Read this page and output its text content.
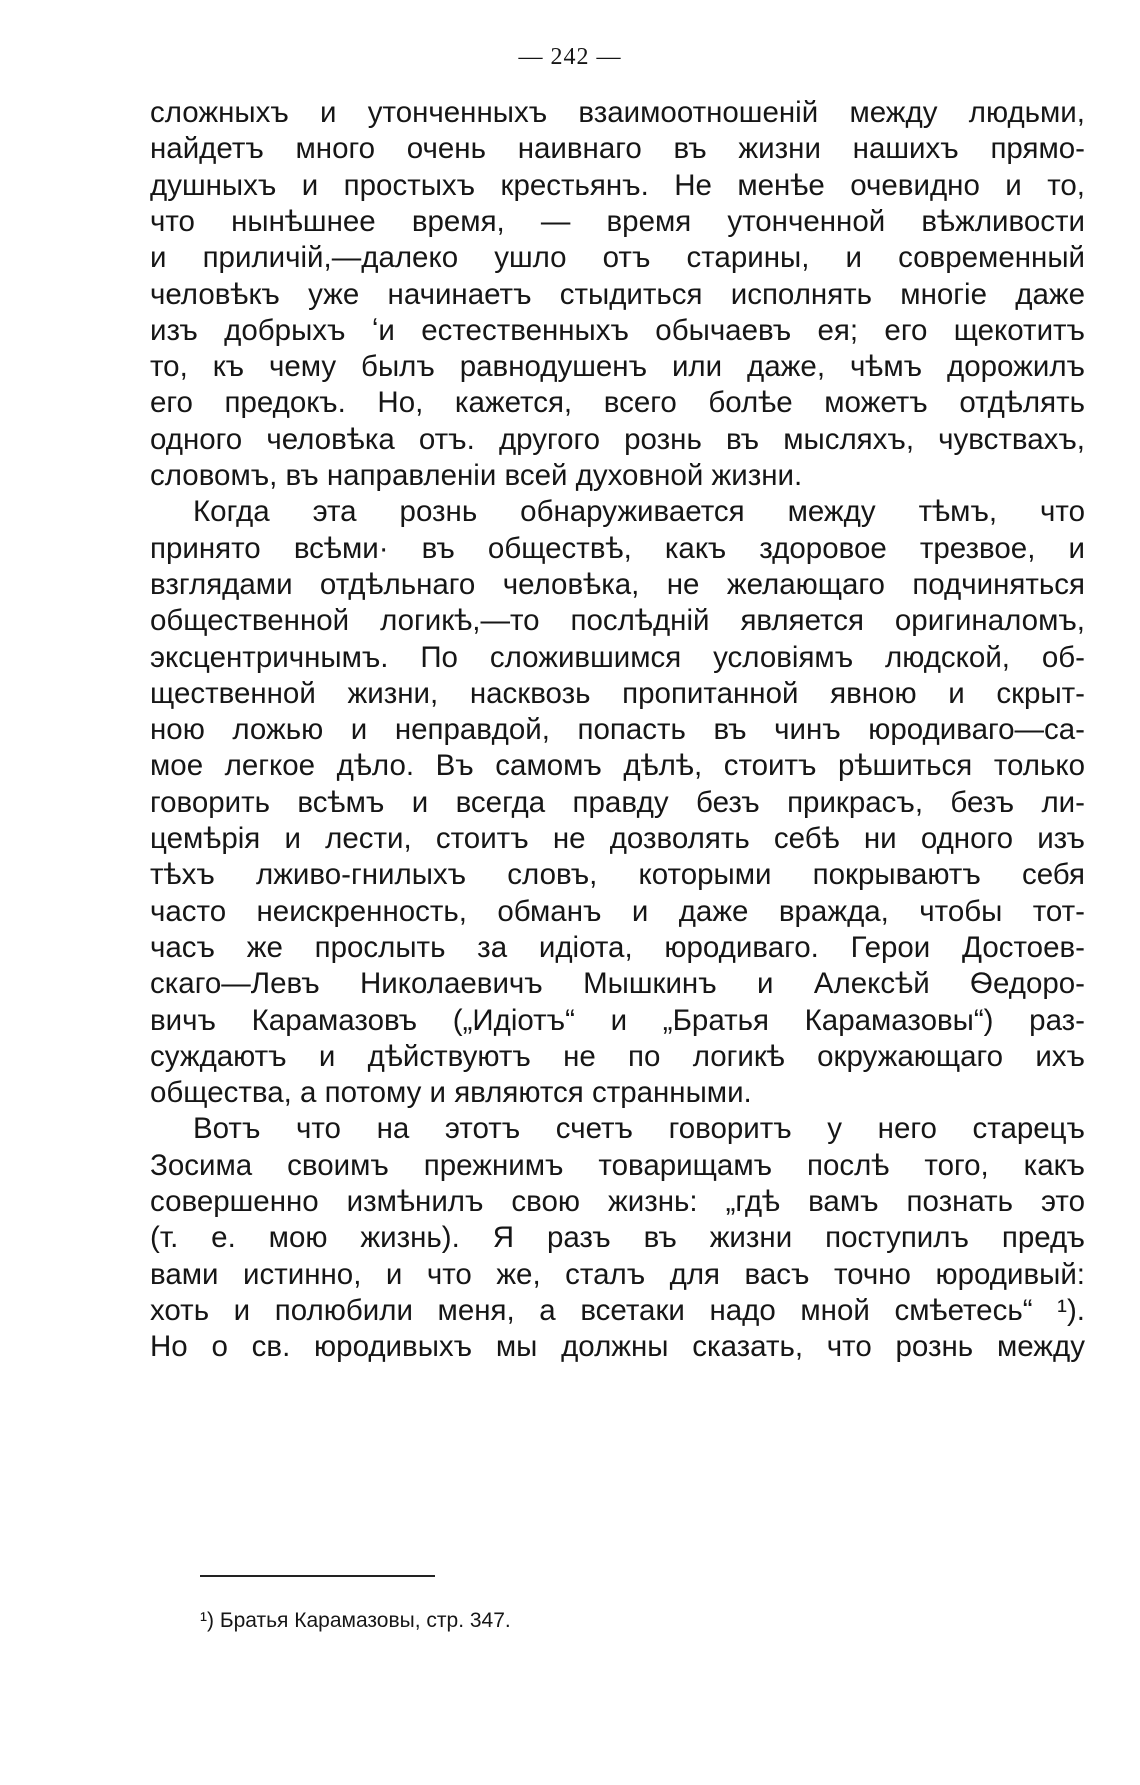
— 242 —
сложныхъ и утонченныхъ взаимоотношенiй между людьми,
найдетъ много очень наивнаго въ жизни нашихъ прямо-
душныхъ и простыхъ крестьянъ. Не менѣе очевидно и то,
что нынѣшнее время, — время утонченной вѣжливости
и приличiй,—далеко ушло отъ старины, и современный
человѣкъ уже начинаетъ стыдиться исполнять многiе даже
изъ добрыхъ ʻи естественныхъ обычаевъ ея; его щекотитъ
то, къ чему былъ равнодушенъ или даже, чѣмъ дорожилъ
его предокъ. Но, кажется, всего болѣе можетъ отдѣлять
одного человѣка отъ. другого рознь въ мысляхъ, чувствахъ,
словомъ, въ направленiи всей духовной жизни.
Когда эта рознь обнаруживается между тѣмъ, что
принято всѣми· въ обществѣ, какъ здоровое трезвое, и
взглядами отдѣльнаго человѣка, не желающаго подчиняться
общественной логикѣ,—то послѣднiй является оригиналомъ,
эксцентричнымъ. По сложившимся условiямъ людской, об-
щественной жизни, насквозь пропитанной явною и скрыт-
ною ложью и неправдой, попасть въ чинъ юродиваго—са-
мое легкое дѣло. Въ самомъ дѣлѣ, стоитъ рѣшиться только
говорить всѣмъ и всегда правду безъ прикрасъ, безъ ли-
цемѣрiя и лести, стоитъ не дозволять себѣ ни одного изъ
тѣхъ лживо-гнилыхъ словъ, которыми покрываютъ себя
часто неискренность, обманъ и даже вражда, чтобы тот-
часъ же прослыть за идiота, юродиваго. Герои Достоев-
скаго—Левъ Николаевичъ Мышкинъ и Алексѣй Ѳедоро-
вичъ Карамазовъ („Идiотъ“ и „Братья Карамазовы“) раз-
суждаютъ и дѣйствуютъ не по логикѣ окружающаго ихъ
общества, а потому и являются странными.
Вотъ что на этотъ счетъ говоритъ у него старецъ
Зосима своимъ прежнимъ товарищамъ послѣ того, какъ
совершенно измѣнилъ свою жизнь: „гдѣ вамъ познать это
(т. е. мою жизнь). Я разъ въ жизни поступилъ предъ
вами истинно, и что же, сталъ для васъ точно юродивый:
хоть и полюбили меня, а всетаки надо мной смѣетесь“ ¹).
Но о св. юродивыхъ мы должны сказать, что рознь между
¹) Братья Карамазовы, стр. 347.
